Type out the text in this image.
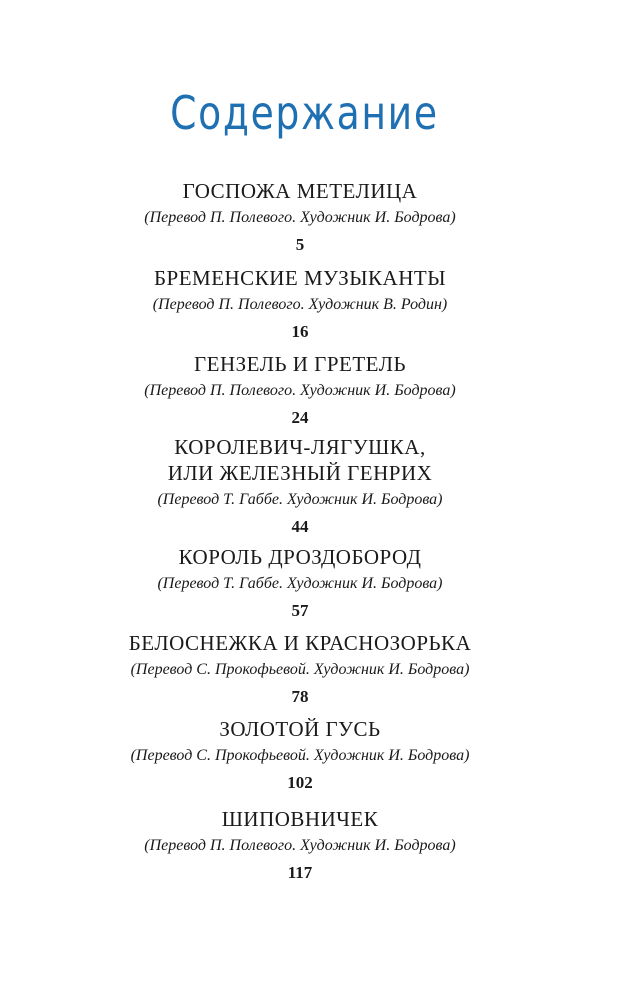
Содержание
ГОСПОЖА МЕТЕЛИЦА
(Перевод П. Полевого. Художник И. Бодрова)
5
БРЕМЕНСКИЕ МУЗЫКАНТЫ
(Перевод П. Полевого. Художник В. Родин)
16
ГЕНЗЕЛЬ И ГРЕТЕЛЬ
(Перевод П. Полевого. Художник И. Бодрова)
24
КОРОЛЕВИЧ-ЛЯГУШКА,
ИЛИ ЖЕЛЕЗНЫЙ ГЕНРИХ
(Перевод Т. Габбе. Художник И. Бодрова)
44
КОРОЛЬ ДРОЗДОБОРОД
(Перевод Т. Габбе. Художник И. Бодрова)
57
БЕЛОСНЕЖКА И КРАСНОЗОРЬКА
(Перевод С. Прокофьевой. Художник И. Бодрова)
78
ЗОЛОТОЙ ГУСЬ
(Перевод С. Прокофьевой. Художник И. Бодрова)
102
ШИПОВНИЧЕК
(Перевод П. Полевого. Художник И. Бодрова)
117
